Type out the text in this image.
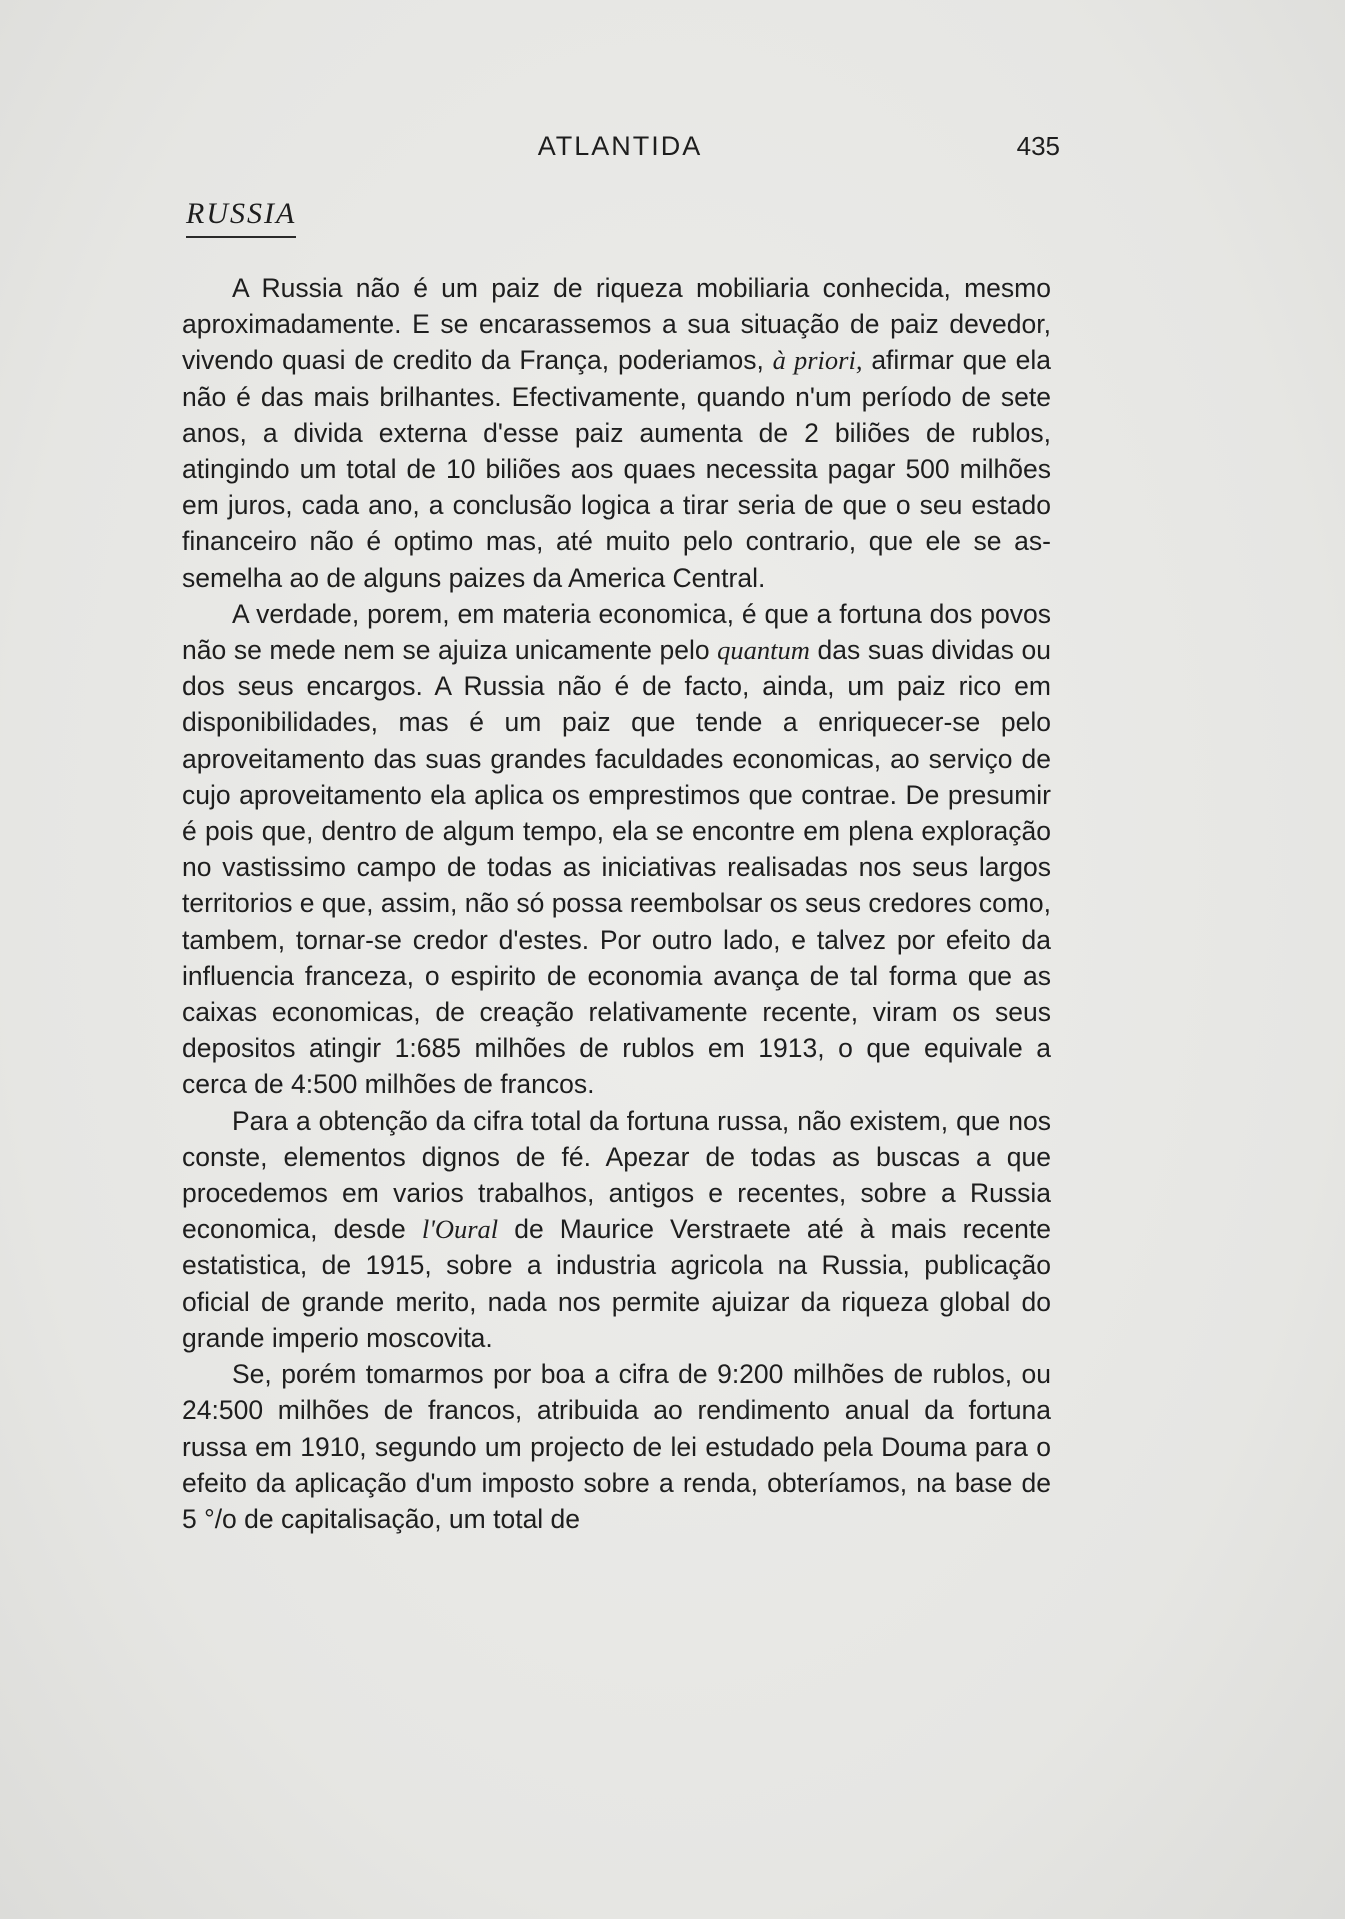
ATLANTIDA	435
RUSSIA

A Russia não é um paiz de riqueza mobiliaria conhecida, mesmo aproximadamente. E se encarassemos a sua situação de paiz devedor, vivendo quasi de credito da França, poderiamos, à priori, afirmar que ela não é das mais brilhantes. Efectivamente, quando n'um período de sete anos, a divida externa d'esse paiz aumenta de 2 biliões de rublos, atingindo um total de 10 biliões aos quaes necessita pagar 500 milhões em juros, cada ano, a conclusão logica a tirar seria de que o seu estado financeiro não é optimo mas, até muito pelo contrario, que ele se assemelha ao de alguns paizes da America Central.

A verdade, porem, em materia economica, é que a fortuna dos povos não se mede nem se ajuiza unicamente pelo quantum das suas dividas ou dos seus encargos. A Russia não é de facto, ainda, um paiz rico em disponibilidades, mas é um paiz que tende a enriquecer-se pelo aproveitamento das suas grandes faculdades economicas, ao serviço de cujo aproveitamento ela aplica os emprestimos que contrae. De presumir é pois que, dentro de algum tempo, ela se encontre em plena exploração no vastissimo campo de todas as iniciativas realisadas nos seus largos territorios e que, assim, não só possa reembolsar os seus credores como, tambem, tornar-se credor d'estes. Por outro lado, e talvez por efeito da influencia franceza, o espirito de economia avança de tal forma que as caixas economicas, de creação relativamente recente, viram os seus depositos atingir 1:685 milhões de rublos em 1913, o que equivale a cerca de 4:500 milhões de francos.

Para a obtenção da cifra total da fortuna russa, não existem, que nos conste, elementos dignos de fé. Apezar de todas as buscas a que procedemos em varios trabalhos, antigos e recentes, sobre a Russia economica, desde l'Oural de Maurice Verstraete até à mais recente estatistica, de 1915, sobre a industria agricola na Russia, publicação oficial de grande merito, nada nos permite ajuizar da riqueza global do grande imperio moscovita.

Se, porém tomarmos por boa a cifra de 9:200 milhões de rublos, ou 24:500 milhões de francos, atribuida ao rendimento anual da fortuna russa em 1910, segundo um projecto de lei estudado pela Douma para o efeito da aplicação d'um imposto sobre a renda, obteríamos, na base de 5 °/o de capitalisação, um total de
